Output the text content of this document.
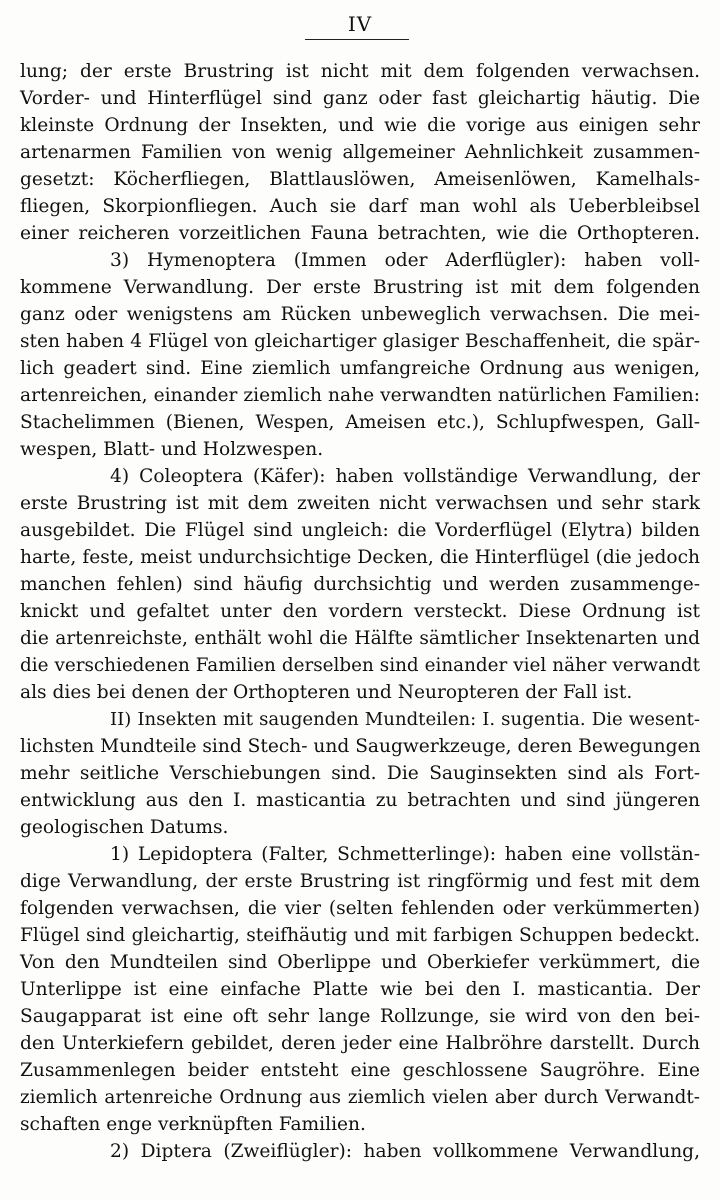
IV
lung; der erste Brustring ist nicht mit dem folgenden verwachsen.
Vorder- und Hinterflügel sind ganz oder fast gleichartig häutig. Die
kleinste Ordnung der Insekten, und wie die vorige aus einigen sehr
artenarmen Familien von wenig allgemeiner Aehnlichkeit zusammen-
gesetzt: Köcherfliegen, Blattlauslöwen, Ameisenlöwen, Kamelhals-
fliegen, Skorpionfliegen. Auch sie darf man wohl als Ueberbleibsel
einer reicheren vorzeitlichen Fauna betrachten, wie die Orthopteren.
3) Hymenoptera (Immen oder Aderflügler): haben voll-
kommene Verwandlung. Der erste Brustring ist mit dem folgenden
ganz oder wenigstens am Rücken unbeweglich verwachsen. Die mei-
sten haben 4 Flügel von gleichartiger glasiger Beschaffenheit, die spär-
lich geadert sind. Eine ziemlich umfangreiche Ordnung aus wenigen,
artenreichen, einander ziemlich nahe verwandten natürlichen Familien:
Stachelimmen (Bienen, Wespen, Ameisen etc.), Schlupfwespen, Gall-
wespen, Blatt- und Holzwespen.
4) Coleoptera (Käfer): haben vollständige Verwandlung, der
erste Brustring ist mit dem zweiten nicht verwachsen und sehr stark
ausgebildet. Die Flügel sind ungleich: die Vorderflügel (Elytra) bilden
harte, feste, meist undurchsichtige Decken, die Hinterflügel (die jedoch
manchen fehlen) sind häufig durchsichtig und werden zusammenge-
knickt und gefaltet unter den vordern versteckt. Diese Ordnung ist
die artenreichste, enthält wohl die Hälfte sämtlicher Insektenarten und
die verschiedenen Familien derselben sind einander viel näher verwandt
als dies bei denen der Orthopteren und Neuropteren der Fall ist.
II) Insekten mit saugenden Mundteilen: I. sugentia. Die wesent-
lichsten Mundteile sind Stech- und Saugwerkzeuge, deren Bewegungen
mehr seitliche Verschiebungen sind. Die Sauginsekten sind als Fort-
entwicklung aus den I. masticantia zu betrachten und sind jüngeren
geologischen Datums.
1) Lepidoptera (Falter, Schmetterlinge): haben eine vollstän-
dige Verwandlung, der erste Brustring ist ringförmig und fest mit dem
folgenden verwachsen, die vier (selten fehlenden oder verkümmerten)
Flügel sind gleichartig, steifhäutig und mit farbigen Schuppen bedeckt.
Von den Mundteilen sind Oberlippe und Oberkiefer verkümmert, die
Unterlippe ist eine einfache Platte wie bei den I. masticantia. Der
Saugapparat ist eine oft sehr lange Rollzunge, sie wird von den bei-
den Unterkiefern gebildet, deren jeder eine Halbröhre darstellt. Durch
Zusammenlegen beider entsteht eine geschlossene Saugröhre. Eine
ziemlich artenreiche Ordnung aus ziemlich vielen aber durch Verwandt-
schaften enge verknüpften Familien.
2) Diptera (Zweiflügler): haben vollkommene Verwandlung,
